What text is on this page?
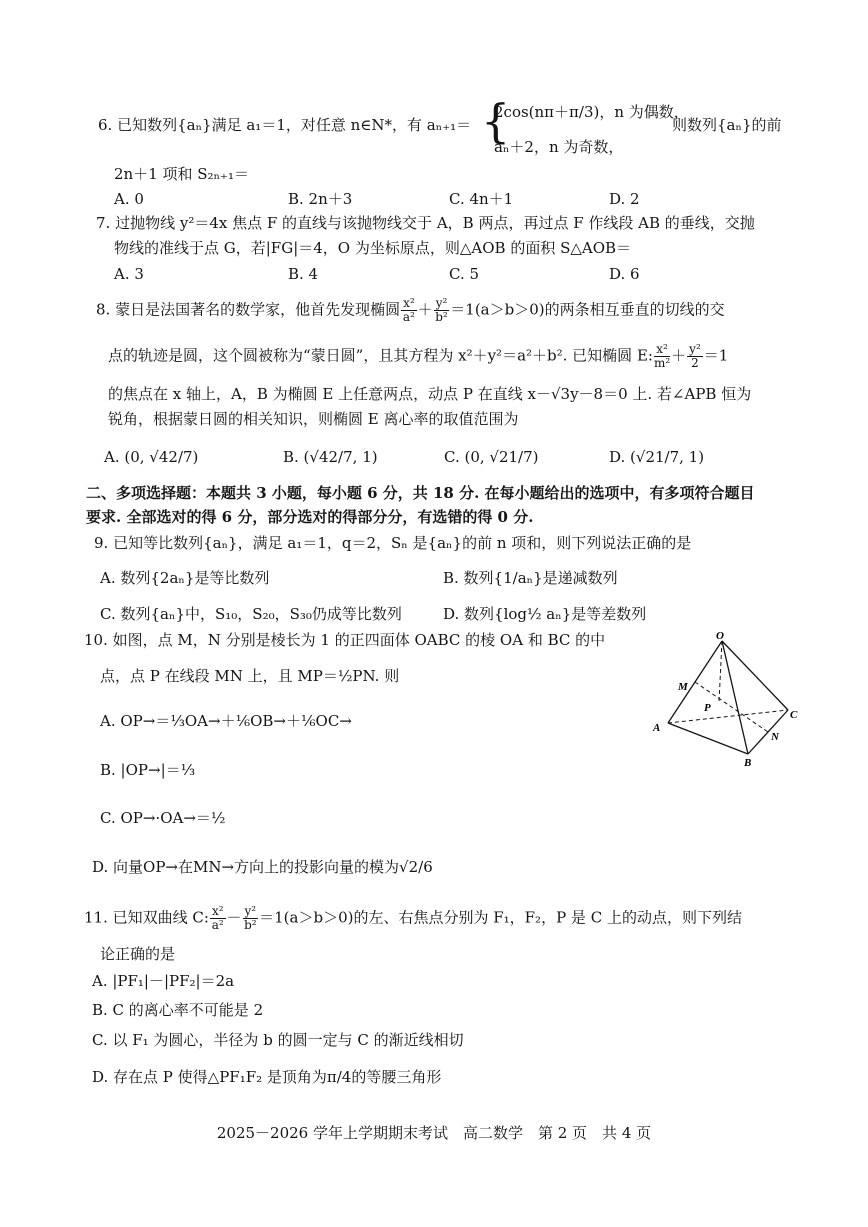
6. 已知数列{aₙ}满足 a₁＝1，对任意 n∈N*，有 aₙ₊₁＝ {
2cos(nπ＋π/3)，n 为偶数，
aₙ＋2，n 为奇数，
则数列{aₙ}的前
2n＋1 项和 S₂ₙ₊₁＝
A. 0	B. 2n＋3	C. 4n＋1	D. 2
7. 过抛物线 y²＝4x 焦点 F 的直线与该抛物线交于 A，B 两点，再过点 F 作线段 AB 的垂线，交抛
物线的准线于点 G，若|FG|＝4，O 为坐标原点，则△AOB 的面积 S△AOB＝
A. 3	B. 4	C. 5	D. 6
8. 蒙日是法国著名的数学家，他首先发现椭圆 $\frac{\text{x²}}{\text{a²}} + \frac{\text{y²}}{\text{b²}} =1(a>b>0)$的两条相互垂直的切线的交
点的轨迹是圆，这个圆被称为“蒙日圆”，且其方程为 x²＋y²＝a²＋b². 已知椭圆 E: $\frac{\text{x²}}{\text{m²}} + \frac{\text{y²}}{2} =1$
的焦点在 x 轴上，A，B 为椭圆 E 上任意两点，动点 P 在直线 x－√3y－8＝0 上. 若∠APB 恒为
锐角，根据蒙日圆的相关知识，则椭圆 E 离心率的取值范围为
A. (0, √42/7)	B. (√42/7, 1)	C. (0, √21/7)	D. (√21/7, 1)
二、多项选择题：本题共 3 小题，每小题 6 分，共 18 分. 在每小题给出的选项中，有多项符合题目
要求. 全部选对的得 6 分，部分选对的得部分分，有选错的得 0 分.
9. 已知等比数列{aₙ}，满足 a₁＝1，q＝2，Sₙ 是{aₙ}的前 n 项和，则下列说法正确的是
A. 数列{2aₙ}是等比数列	B. 数列{1/aₙ}是递减数列
C. 数列{aₙ}中，S₁₀，S₂₀，S₃₀仍成等比数列	D. 数列{log½ aₙ}是等差数列
10. 如图，点 M，N 分别是棱长为 1 的正四面体 OABC 的棱 OA 和 BC 的中
点，点 P 在线段 MN 上，且 MP＝½PN. 则
A. OP→＝⅓OA→＋⅙OB→＋⅙OC→
B. |OP→|＝⅓
C. OP→·OA→＝½
D. 向量OP→在MN→方向上的投影向量的模为√2/6
O
M
P
A
C
N
B
11. 已知双曲线 C: $\frac{\text{x²}}{\text{a²}} - \frac{\text{y²}}{\text{b²}} =1(a>b>0)$的左、右焦点分别为 F₁，F₂，P 是 C 上的动点，则下列结
论正确的是
A. |PF₁|－|PF₂|＝2a
B. C 的离心率不可能是 2
C. 以 F₁ 为圆心，半径为 b 的圆一定与 C 的渐近线相切
D. 存在点 P 使得△PF₁F₂ 是顶角为π/4的等腰三角形
2025－2026 学年上学期期末考试　高二数学　第 2 页　共 4 页
